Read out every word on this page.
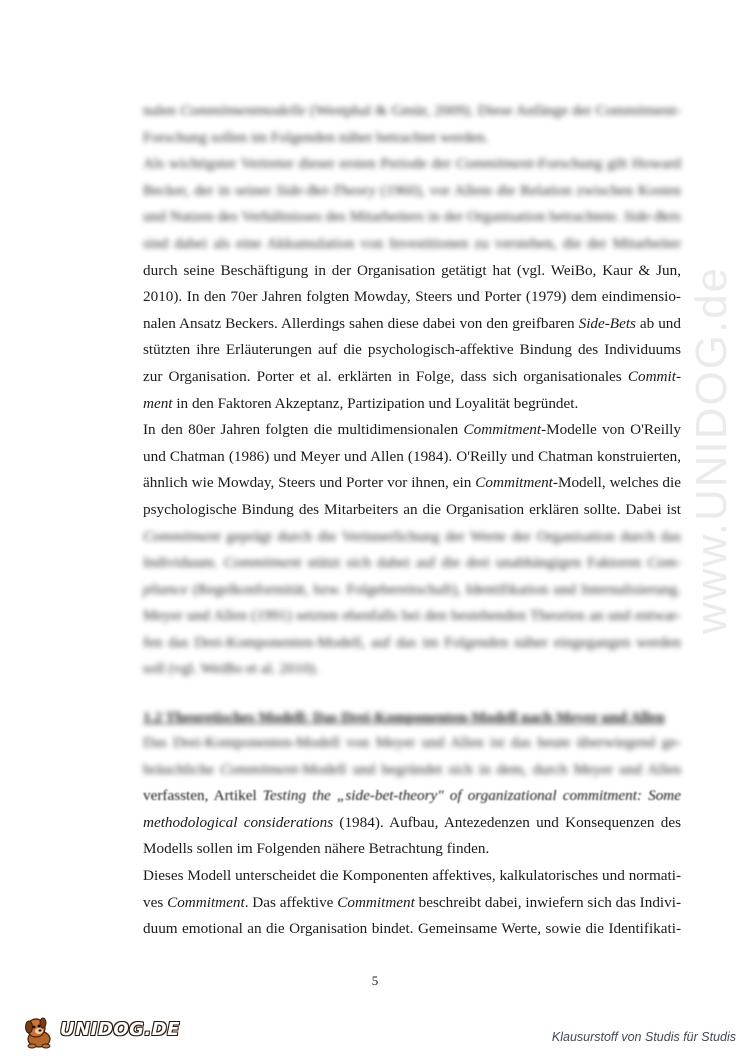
www.UNIDOG.de
nalen Commitmentmodelle (Westphal & Gmür, 2009). Diese Anfänge der Commitment-
Forschung sollen im Folgenden näher betrachtet werden.
Als wichtigster Vertreter dieser ersten Periode der Commitment-Forschung gilt Howard
Becker, der in seiner Side-Bet-Theory (1960), vor Allem die Relation zwischen Kosten
und Nutzen des Verhältnisses des Mitarbeiters in der Organisation betrachtete. Side-Bets
sind dabei als eine Akkumulation von Investitionen zu verstehen, die der Mitarbeiter
durch seine Beschäftigung in der Organisation getätigt hat (vgl. WeiBo, Kaur & Jun,
2010). In den 70er Jahren folgten Mowday, Steers und Porter (1979) dem eindimensio-
nalen Ansatz Beckers. Allerdings sahen diese dabei von den greifbaren Side-Bets ab und
stützten ihre Erläuterungen auf die psychologisch-affektive Bindung des Individuums
zur Organisation. Porter et al. erklärten in Folge, dass sich organisationales Commit-
ment in den Faktoren Akzeptanz, Partizipation und Loyalität begründet.
In den 80er Jahren folgten die multidimensionalen Commitment-Modelle von O'Reilly
und Chatman (1986) und Meyer und Allen (1984). O'Reilly und Chatman konstruierten,
ähnlich wie Mowday, Steers und Porter vor ihnen, ein Commitment-Modell, welches die
psychologische Bindung des Mitarbeiters an die Organisation erklären sollte. Dabei ist
Commitment geprägt durch die Verinnerlichung der Werte der Organisation durch das
Individuum. Commitment stützt sich dabei auf die drei unabhängigen Faktoren Com-
pliance (Regelkonformität, bzw. Folgebereitschaft), Identifikation und Internalisierung.
Meyer und Allen (1991) setzten ebenfalls bei den bestehenden Theorien an und entwar-
fen das Drei-Komponenten-Modell, auf das im Folgenden näher eingegangen werden
soll (vgl. WeiBo et al. 2010).
1.2 Theoretisches Modell: Das Drei-Komponenten-Modell nach Meyer und Allen
Das Drei-Komponenten-Modell von Meyer und Allen ist das heute überwiegend ge-
bräuchliche Commitment-Modell und begründet sich in dem, durch Meyer und Allen
verfassten, Artikel Testing the „side-bet-theory" of organizational commitment: Some
methodological considerations (1984). Aufbau, Antezedenzen und Konsequenzen des
Modells sollen im Folgenden nähere Betrachtung finden.
Dieses Modell unterscheidet die Komponenten affektives, kalkulatorisches und normati-
ves Commitment. Das affektive Commitment beschreibt dabei, inwiefern sich das Indivi-
duum emotional an die Organisation bindet. Gemeinsame Werte, sowie die Identifikati-
5
UNIDOG.DE	Klausurstoff von Studis für Studis
